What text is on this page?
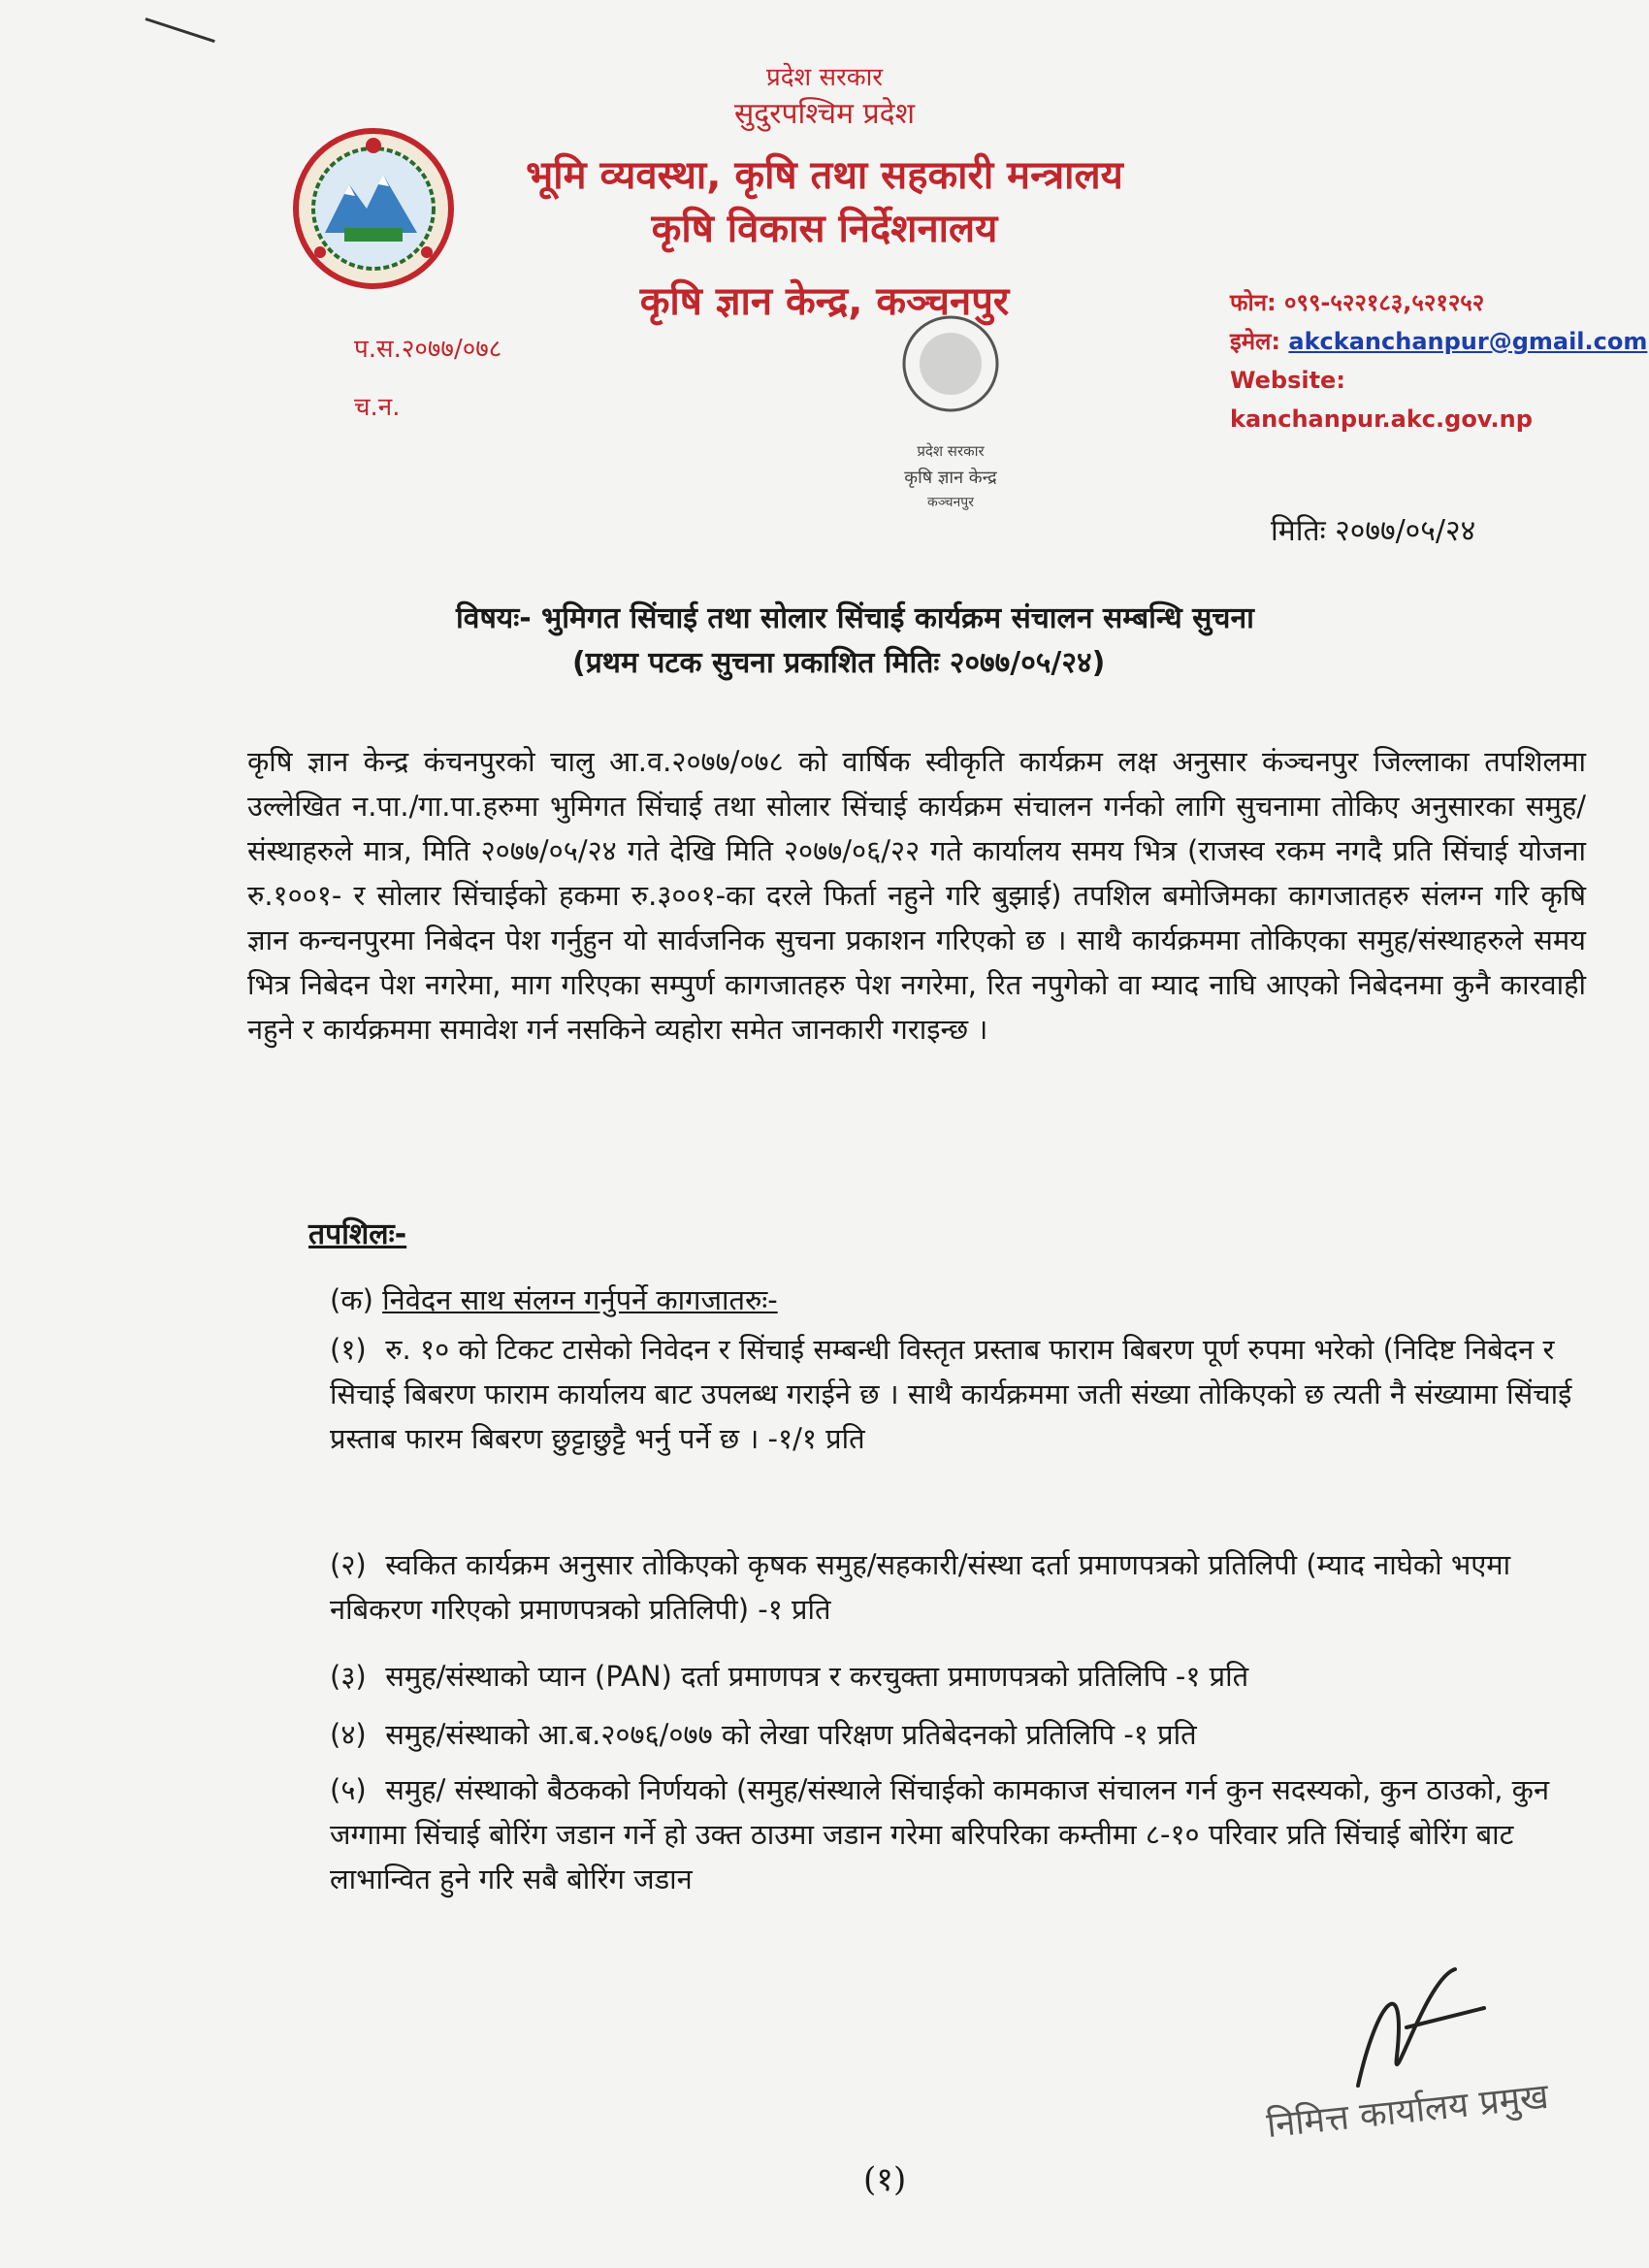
प्रदेश सरकार
सुदुरपश्चिम प्रदेश
भूमि व्यवस्था, कृषि तथा सहकारी मन्त्रालय
कृषि विकास निर्देशनालय
कृषि ज्ञान केन्द्र, कञ्चनपुर	फोन: ०९९-५२२१८३,५२१२५२
इमेल: akckanchanpur@gmail.com
Website: kanchanpur.akc.gov.np
प.स.२०७७/०७८
च.न.
प्रदेश सरकार
कृषि ज्ञान केन्द्र
कञ्चनपुर
मितिः २०७७/०५/२४
विषयः- भुमिगत सिंचाई तथा सोलार सिंचाई कार्यक्रम संचालन सम्बन्धि सुचना
(प्रथम पटक सुचना प्रकाशित मितिः २०७७/०५/२४)
कृषि ज्ञान केन्द्र कंचनपुरको चालु आ.व.२०७७/०७८ को वार्षिक स्वीकृति कार्यक्रम लक्ष अनुसार कंञ्चनपुर जिल्लाका तपशिलमा उल्लेखित न.पा./गा.पा.हरुमा भुमिगत सिंचाई तथा सोलार सिंचाई कार्यक्रम संचालन गर्नको लागि सुचनामा तोकिए अनुसारका समुह/संस्थाहरुले मात्र, मिति २०७७/०५/२४ गते देखि मिति २०७७/०६/२२ गते कार्यालय समय भित्र (राजस्व रकम नगदै प्रति सिंचाई योजना रु.१००१- र सोलार सिंचाईको हकमा रु.३००१-का दरले फिर्ता नहुने गरि बुझाई) तपशिल बमोजिमका कागजातहरु संलग्न गरि कृषि ज्ञान कन्चनपुरमा निबेदन पेश गर्नुहुन यो सार्वजनिक सुचना प्रकाशन गरिएको छ । साथै कार्यक्रममा तोकिएका समुह/संस्थाहरुले समय भित्र निबेदन पेश नगरेमा, माग गरिएका सम्पुर्ण कागजातहरु पेश नगरेमा, रित नपुगेको वा म्याद नाघि आएको निबेदनमा कुनै कारवाही नहुने र कार्यक्रममा समावेश गर्न नसकिने व्यहोरा समेत जानकारी गराइन्छ ।
तपशिलः-
(क) निवेदन साथ संलग्न गर्नुपर्ने कागजातरुः-
(१) रु. १० को टिकट टासेको निवेदन र सिंचाई सम्बन्धी विस्तृत प्रस्ताब फाराम बिबरण पूर्ण रुपमा भरेको (निदिष्ट निबेदन र सिचाई बिबरण फाराम कार्यालय बाट उपलब्ध गराईने छ । साथै कार्यक्रममा जती संख्या तोकिएको छ त्यती नै संख्यामा सिंचाई प्रस्ताब फारम बिबरण छुट्टाछुट्टै भर्नु पर्ने छ । -१/१ प्रति
(२) स्वकित कार्यक्रम अनुसार तोकिएको कृषक समुह/सहकारी/संस्था दर्ता प्रमाणपत्रको प्रतिलिपी (म्याद नाघेको भएमा नबिकरण गरिएको प्रमाणपत्रको प्रतिलिपी) -१ प्रति
(३) समुह/संस्थाको प्यान (PAN) दर्ता प्रमाणपत्र र करचुक्ता प्रमाणपत्रको प्रतिलिपि -१ प्रति
(४) समुह/संस्थाको आ.ब.२०७६/०७७ को लेखा परिक्षण प्रतिबेदनको प्रतिलिपि -१ प्रति
(५) समुह/ संस्थाको बैठकको निर्णयको (समुह/संस्थाले सिंचाईको कामकाज संचालन गर्न कुन सदस्यको, कुन ठाउको, कुन जग्गामा सिंचाई बोरिंग जडान गर्ने हो उक्त ठाउमा जडान गरेमा बरिपरिका कम्तीमा ८-१० परिवार प्रति सिंचाई बोरिंग बाट लाभान्वित हुने गरि सबै बोरिंग जडान
(१)
निमित्त कार्यालय प्रमुख
